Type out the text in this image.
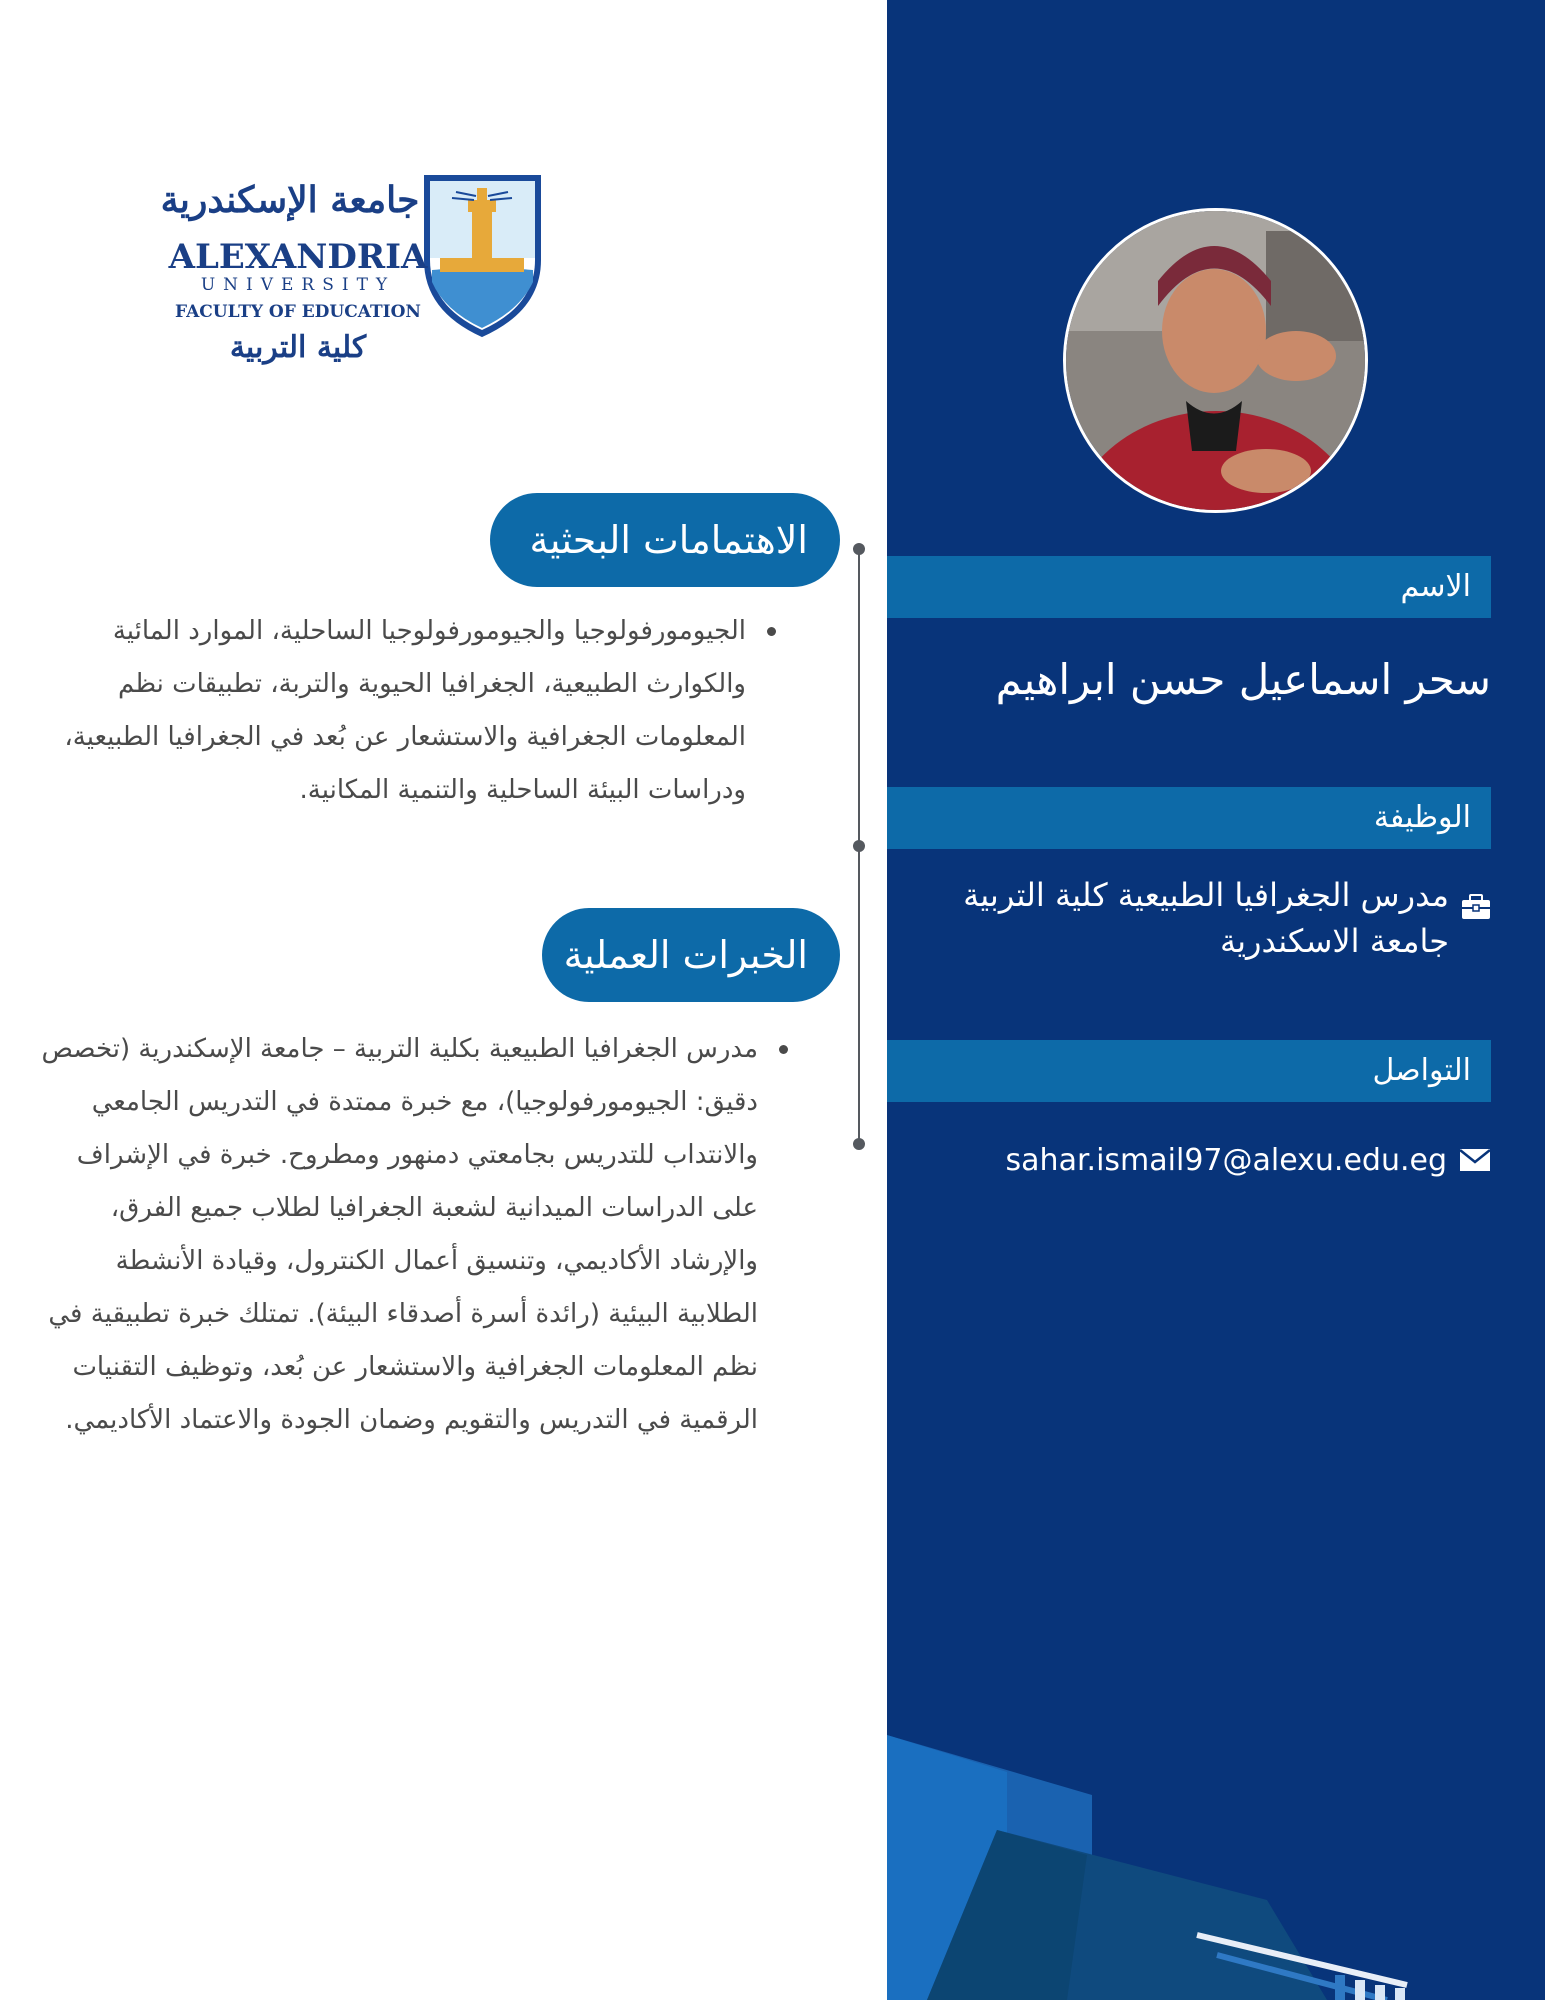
جامعة الإسكندرية
ALEXANDRIA
UNIVERSITY
FACULTY OF EDUCATION
كلية التربية
الاهتمامات البحثية
الجيومورفولوجيا والجيومورفولوجيا الساحلية، الموارد المائية والكوارث الطبيعية، الجغرافيا الحيوية والتربة، تطبيقات نظم المعلومات الجغرافية والاستشعار عن بُعد في الجغرافيا الطبيعية، ودراسات البيئة الساحلية والتنمية المكانية.
الخبرات العملية
مدرس الجغرافيا الطبيعية بكلية التربية – جامعة الإسكندرية (تخصص دقيق: الجيومورفولوجيا)، مع خبرة ممتدة في التدريس الجامعي والانتداب للتدريس بجامعتي دمنهور ومطروح. خبرة في الإشراف على الدراسات الميدانية لشعبة الجغرافيا لطلاب جميع الفرق، والإرشاد الأكاديمي، وتنسيق أعمال الكنترول، وقيادة الأنشطة الطلابية البيئية (رائدة أسرة أصدقاء البيئة). تمتلك خبرة تطبيقية في نظم المعلومات الجغرافية والاستشعار عن بُعد، وتوظيف التقنيات الرقمية في التدريس والتقويم وضمان الجودة والاعتماد الأكاديمي.
الاسم
سحر اسماعيل حسن ابراهيم
الوظيفة
مدرس الجغرافيا الطبيعية كلية التربية جامعة الاسكندرية
التواصل
sahar.ismail97@alexu.edu.eg
